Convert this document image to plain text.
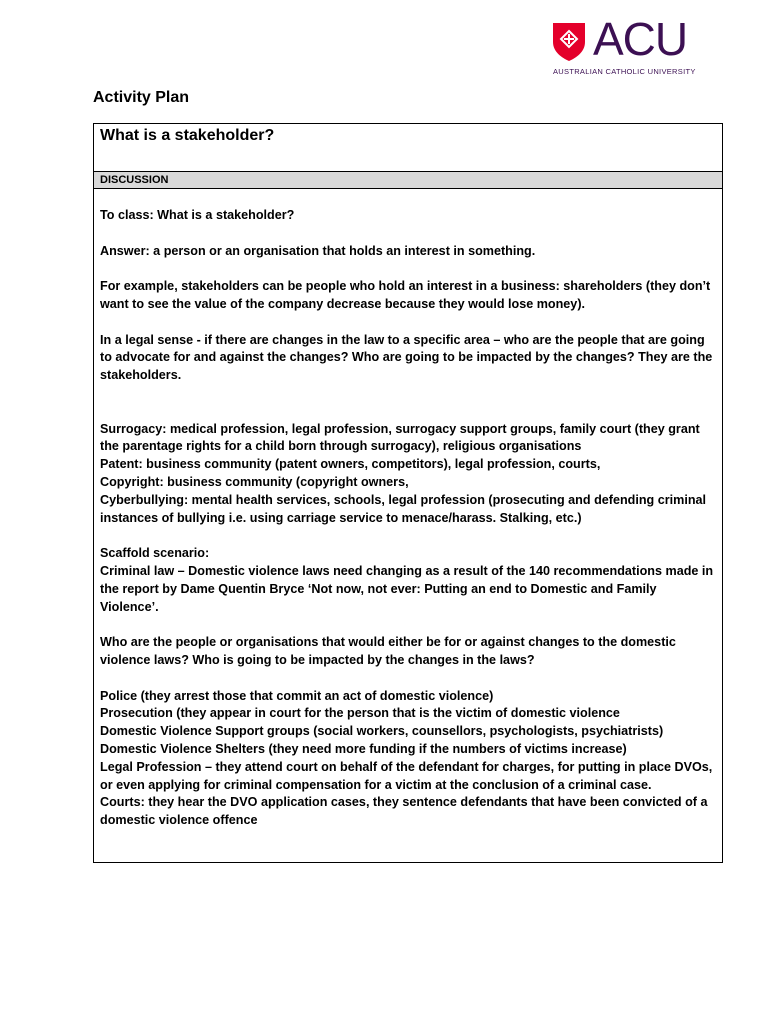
ACU
AUSTRALIAN CATHOLIC UNIVERSITY
Activity Plan
What is a stakeholder?
DISCUSSION

To class: What is a stakeholder?

Answer: a person or an organisation that holds an interest in something.

For example, stakeholders can be people who hold an interest in a business: shareholders (they don’t want to see the value of the company decrease because they would lose money).

In a legal sense - if there are changes in the law to a specific area – who are the people that are going to advocate for and against the changes? Who are going to be impacted by the changes? They are the stakeholders.

Surrogacy: medical profession, legal profession, surrogacy support groups, family court (they grant the parentage rights for a child born through surrogacy), religious organisations
Patent: business community (patent owners, competitors), legal profession, courts,
Copyright: business community (copyright owners,
Cyberbullying: mental health services, schools, legal profession (prosecuting and defending criminal instances of bullying i.e. using carriage service to menace/harass. Stalking, etc.)

Scaffold scenario:
Criminal law – Domestic violence laws need changing as a result of the 140 recommendations made in the report by Dame Quentin Bryce ‘Not now, not ever: Putting an end to Domestic and Family Violence’.

Who are the people or organisations that would either be for or against changes to the domestic violence laws? Who is going to be impacted by the changes in the laws?

Police (they arrest those that commit an act of domestic violence)
Prosecution (they appear in court for the person that is the victim of domestic violence
Domestic Violence Support groups (social workers, counsellors, psychologists, psychiatrists)
Domestic Violence Shelters (they need more funding if the numbers of victims increase)
Legal Profession – they attend court on behalf of the defendant for charges, for putting in place DVOs, or even applying for criminal compensation for a victim at the conclusion of a criminal case.
Courts: they hear the DVO application cases, they sentence defendants that have been convicted of a domestic violence offence
